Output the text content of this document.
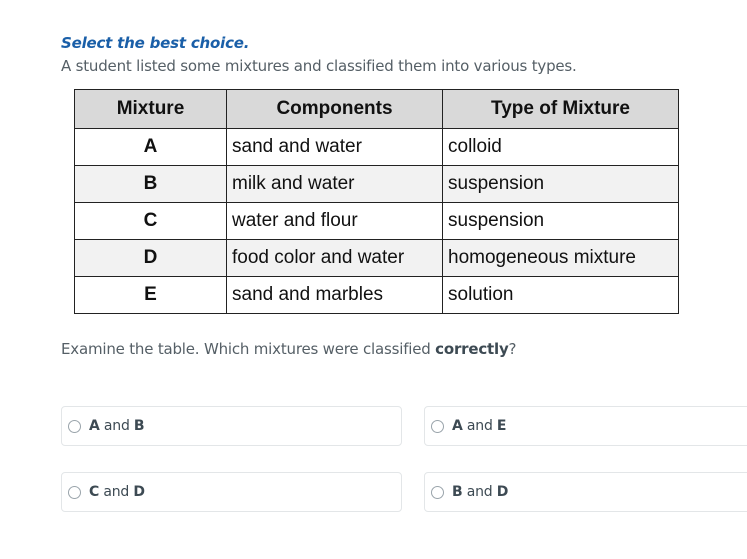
Select the best choice.
A student listed some mixtures and classified them into various types.
Mixture	Components	Type of Mixture
A	sand and water	colloid
B	milk and water	suspension
C	water and flour	suspension
D	food color and water	homogeneous mixture
E	sand and marbles	solution
Examine the table. Which mixtures were classified correctly?
A and B	A and E
C and D	B and D
